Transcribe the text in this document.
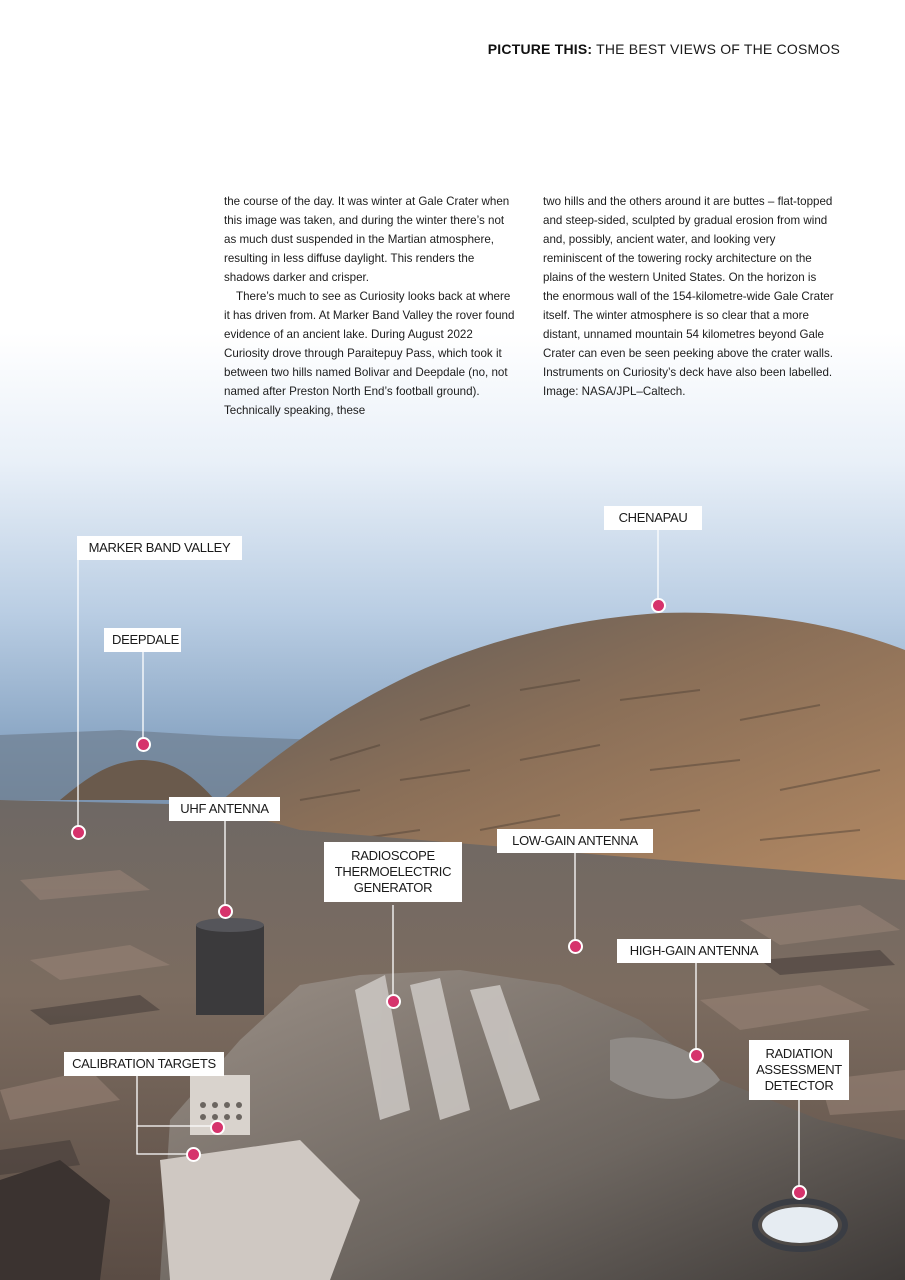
PICTURE THIS: THE BEST VIEWS OF THE COSMOS

the course of the day. It was winter at Gale Crater when this image was taken, and during the winter there’s not as much dust suspended in the Martian atmosphere, resulting in less diffuse daylight. This renders the shadows darker and crisper.

There’s much to see as Curiosity looks back at where it has driven from. At Marker Band Valley the rover found evidence of an ancient lake. During August 2022 Curiosity drove through Paraitepuy Pass, which took it between two hills named Bolivar and Deepdale (no, not named after Preston North End’s football ground). Technically speaking, these

two hills and the others around it are buttes – flat-topped and steep-sided, sculpted by gradual erosion from wind and, possibly, ancient water, and looking very reminiscent of the towering rocky architecture on the plains of the western United States. On the horizon is the enormous wall of the 154-kilometre-wide Gale Crater itself. The winter atmosphere is so clear that a more distant, unnamed mountain 54 kilometres beyond Gale Crater can even be seen peeking above the crater walls. Instruments on Curiosity’s deck have also been labelled. Image: NASA/JPL–Caltech.

CHENAPAU
MARKER BAND VALLEY
DEEPDALE
UHF ANTENNA
RADIOSCOPE THERMOELECTRIC GENERATOR
LOW-GAIN ANTENNA
HIGH-GAIN ANTENNA
CALIBRATION TARGETS
RADIATION ASSESSMENT DETECTOR
